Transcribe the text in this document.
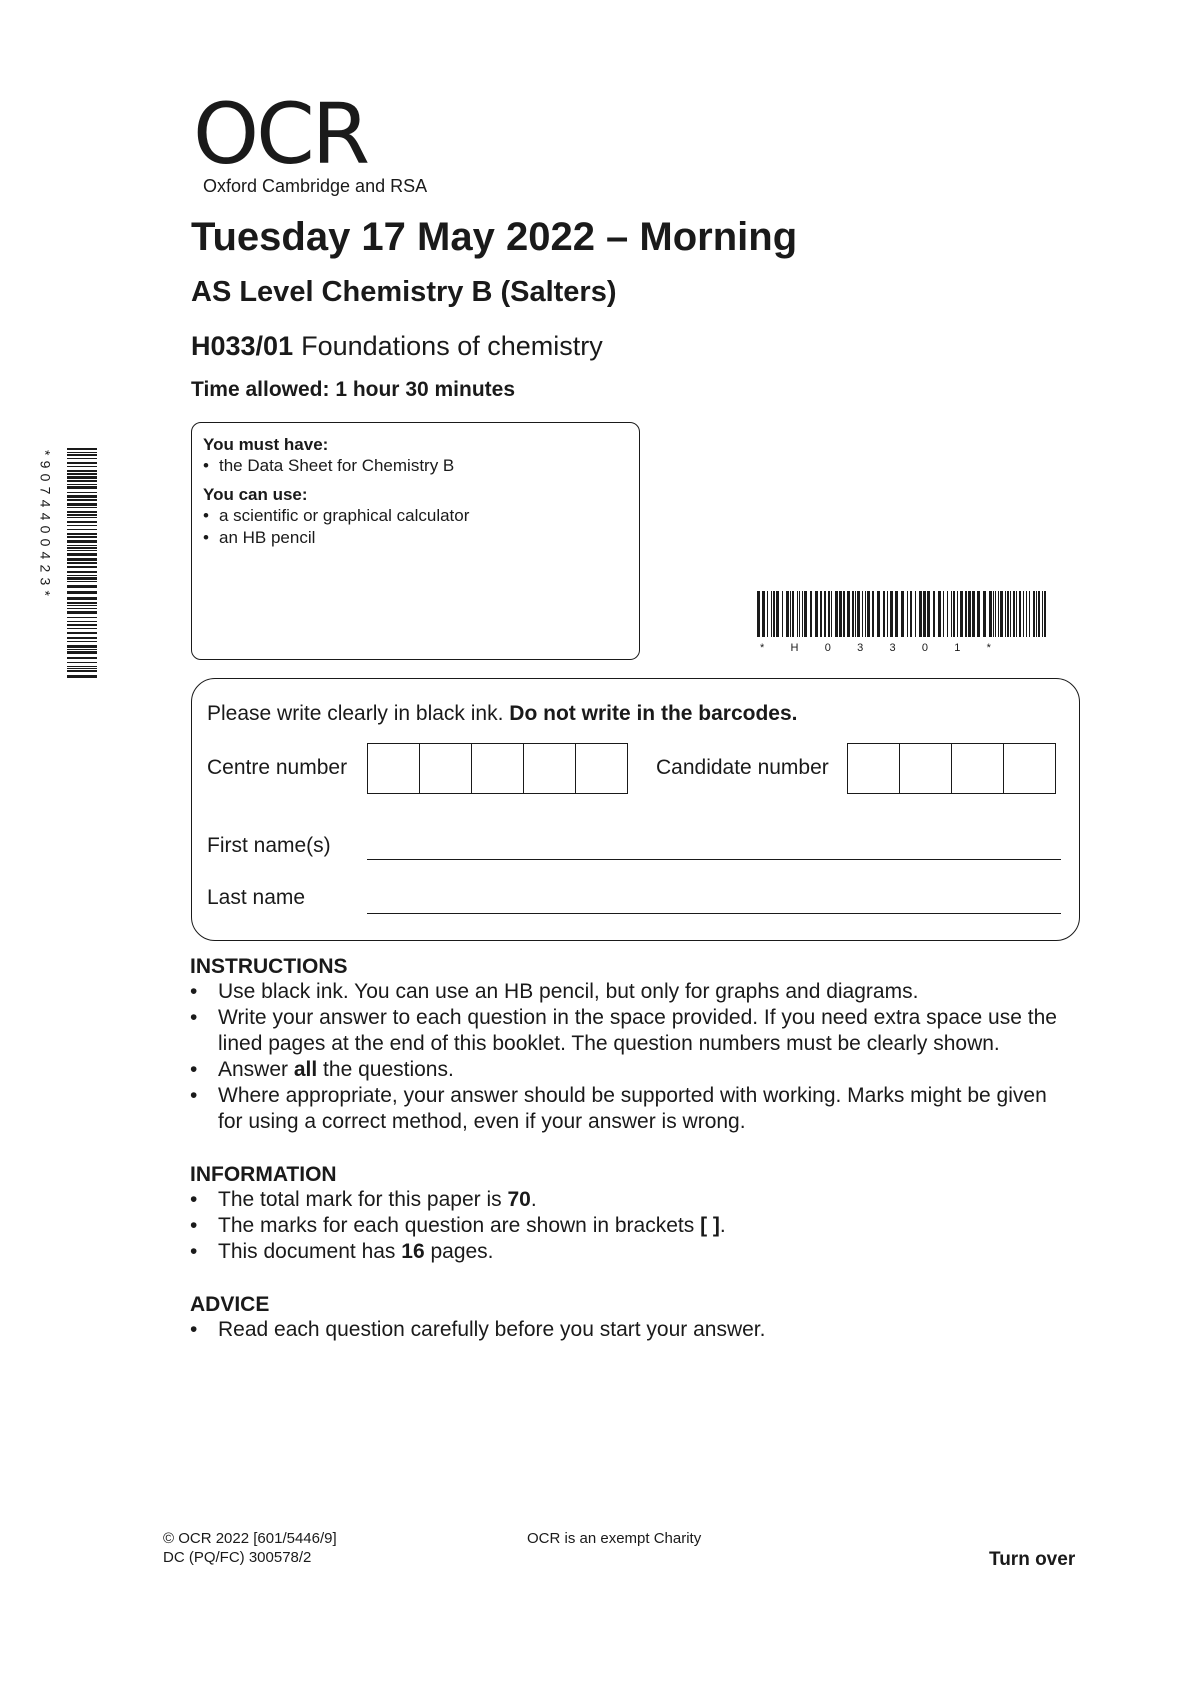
OCR
Oxford Cambridge and RSA
Tuesday 17 May 2022 – Morning
AS Level Chemistry B (Salters)
H033/01 Foundations of chemistry
Time allowed: 1 hour 30 minutes
*9074400423*
You must have:
• the Data Sheet for Chemistry B
You can use:
• a scientific or graphical calculator
• an HB pencil
* H 0 3 3 0 1 *
Please write clearly in black ink. Do not write in the barcodes.
Centre number	Candidate number
First name(s)
Last name
INSTRUCTIONS
• Use black ink. You can use an HB pencil, but only for graphs and diagrams.
• Write your answer to each question in the space provided. If you need extra space use the lined pages at the end of this booklet. The question numbers must be clearly shown.
• Answer all the questions.
• Where appropriate, your answer should be supported with working. Marks might be given for using a correct method, even if your answer is wrong.
INFORMATION
• The total mark for this paper is 70.
• The marks for each question are shown in brackets [ ].
• This document has 16 pages.
ADVICE
• Read each question carefully before you start your answer.
© OCR 2022 [601/5446/9]
DC (PQ/FC) 300578/2
OCR is an exempt Charity
Turn over
